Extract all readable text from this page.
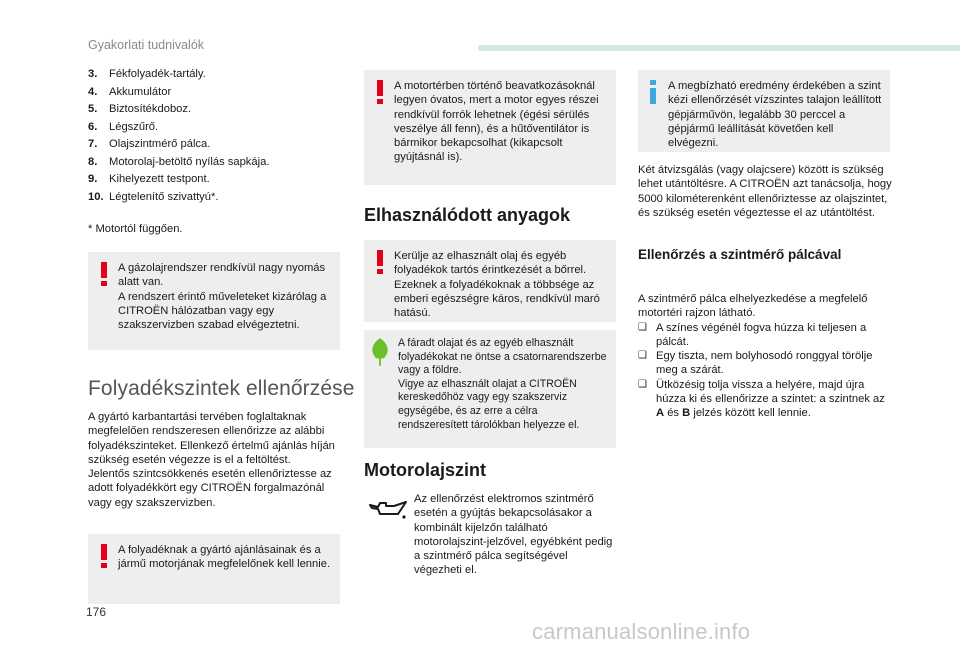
Gyakorlati tudnivalók
3.	Fékfolyadék-tartály.
4.	Akkumulátor
5.	Biztosítékdoboz.
6.	Légszűrő.
7.	Olajszintmérő pálca.
8.	Motorolaj-betöltő nyílás sapkája.
9.	Kihelyezett testpont.
10. Légtelenítő szivattyú*.
* Motortól függően.
A gázolajrendszer rendkívül nagy nyomás alatt van.
A rendszert érintő műveleteket kizárólag a CITROËN hálózatban vagy egy szakszervizben szabad elvégeztetni.
Folyadékszintek ellenőrzése
A gyártó karbantartási tervében foglaltaknak megfelelően rendszeresen ellenőrizze az alábbi folyadékszinteket. Ellenkező értelmű ajánlás híján szükség esetén végezze is el a feltöltést.
Jelentős szintcsökkenés esetén ellenőriztesse az adott folyadékkört egy CITROËN forgalmazónál vagy egy szakszervizben.
A folyadéknak a gyártó ajánlásainak és a jármű motorjának megfelelőnek kell lennie.
A motortérben történő beavatkozásoknál legyen óvatos, mert a motor egyes részei rendkívül forrók lehetnek (égési sérülés veszélye áll fenn), és a hűtőventilátor is bármikor bekapcsolhat (kikapcsolt gyújtásnál is).
Elhasználódott anyagok
Kerülje az elhasznált olaj és egyéb folyadékok tartós érintkezését a bőrrel.
Ezeknek a folyadékoknak a többsége az emberi egészségre káros, rendkívül maró hatású.
A fáradt olajat és az egyéb elhasznált folyadékokat ne öntse a csatornarendszerbe vagy a földre.
Vigye az elhasznált olajat a CITROËN kereskedőhöz vagy egy szakszerviz egységébe, és az erre a célra rendszeresített tárolókban helyezze el.
Motorolajszint
Az ellenőrzést elektromos szintmérő esetén a gyújtás bekapcsolásakor a kombinált kijelzőn található motorolajszint-jelzővel, egyébként pedig a szintmérő pálca segítségével végezheti el.
A megbízható eredmény érdekében a szint kézi ellenőrzését vízszintes talajon leállított gépjárművön, legalább 30 perccel a gépjármű leállítását követően kell elvégezni.
Két átvizsgálás (vagy olajcsere) között is szükség lehet utántöltésre. A CITROËN azt tanácsolja, hogy 5000 kilométerenként ellenőriztesse az olajszintet, és szükség esetén végeztesse el az utántöltést.
Ellenőrzés a szintmérő pálcával
A szintmérő pálca elhelyezkedése a megfelelő motortéri rajzon látható.
❑ A színes végénél fogva húzza ki teljesen a pálcát.
❑ Egy tiszta, nem bolyhosodó ronggyal törölje meg a szárát.
❑ Ütközésig tolja vissza a helyére, majd újra húzza ki és ellenőrizze a szintet: a szintnek az A és B jelzés között kell lennie.
176
carmanualsonline.info
